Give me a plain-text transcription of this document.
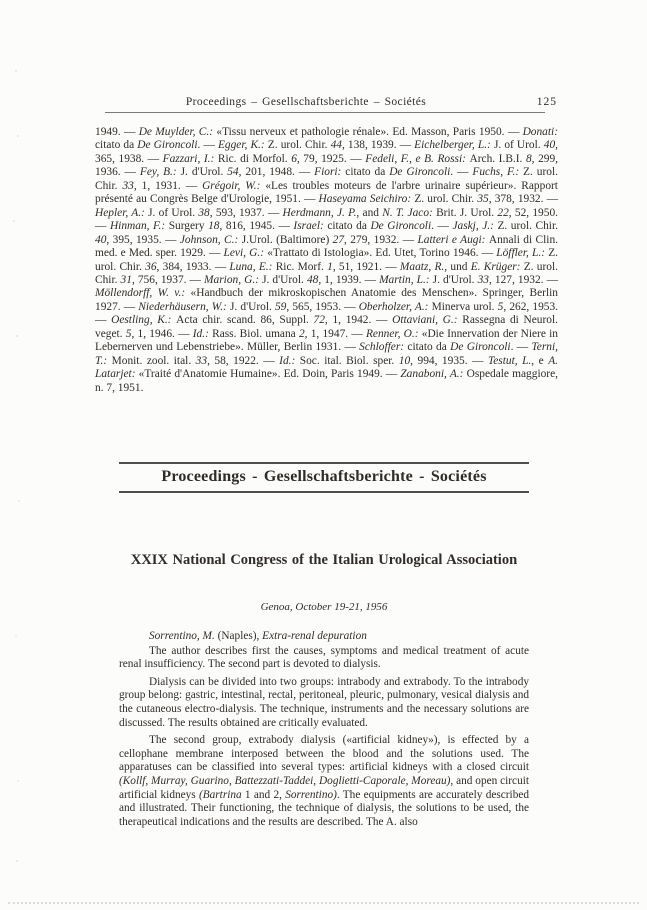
Proceedings – Gesellschaftsberichte – Sociétés	125
1949. — De Muylder, C.: «Tissu nerveux et pathologie rénale». Ed. Masson, Paris 1950. — Donati: citato da De Gironcoli. — Egger, K.: Z. urol. Chir. 44, 138, 1939. — Eichelberger, L.: J. of Urol. 40, 365, 1938. — Fazzari, I.: Ric. di Morfol. 6, 79, 1925. — Fedeli, F., e B. Rossi: Arch. I.B.I. 8, 299, 1936. — Fey, B.: J. d'Urol. 54, 201, 1948. — Fiori: citato da De Gironcoli. — Fuchs, F.: Z. urol. Chir. 33, 1, 1931. — Grégoir, W.: «Les troubles moteurs de l'arbre urinaire supérieur». Rapport présenté au Congrès Belge d'Urologie, 1951. — Haseyama Seichiro: Z. urol. Chir. 35, 378, 1932. — Hepler, A.: J. of Urol. 38, 593, 1937. — Herdmann, J. P., and N. T. Jaco: Brit. J. Urol. 22, 52, 1950. — Hinman, F.: Surgery 18, 816, 1945. — Israel: citato da De Gironcoli. — Jaskj, J.: Z. urol. Chir. 40, 395, 1935. — Johnson, C.: J.Urol. (Baltimore) 27, 279, 1932. — Latteri e Augi: Annali di Clin. med. e Med. sper. 1929. — Levi, G.: «Trattato di Istologia». Ed. Utet, Torino 1946. — Löffler, L.: Z. urol. Chir. 36, 384, 1933. — Luna, E.: Ric. Morf. 1, 51, 1921. — Maatz, R., und E. Krüger: Z. urol. Chir. 31, 756, 1937. — Marion, G.: J. d'Urol. 48, 1, 1939. — Martin, L.: J. d'Urol. 33, 127, 1932. — Möllendorff, W. v.: «Handbuch der mikroskopischen Anatomie des Menschen». Springer, Berlin 1927. — Niederhäusern, W.: J. d'Urol. 59, 565, 1953. — Oberholzer, A.: Minerva urol. 5, 262, 1953. — Oestling, K.: Acta chir. scand. 86, Suppl. 72, 1, 1942. — Ottaviani, G.: Rassegna di Neurol. veget. 5, 1, 1946. — Id.: Rass. Biol. umana 2, 1, 1947. — Renner, O.: «Die Innervation der Niere in Lebernerven und Lebenstriebe». Müller, Berlin 1931. — Schloffer: citato da De Gironcoli. — Terni, T.: Monit. zool. ital. 33, 58, 1922. — Id.: Soc. ital. Biol. sper. 10, 994, 1935. — Testut, L., e A. Latarjet: «Traité d'Anatomie Humaine». Ed. Doin, Paris 1949. — Zanaboni, A.: Ospedale maggiore, n. 7, 1951.
Proceedings - Gesellschaftsberichte - Sociétés
XXIX National Congress of the Italian Urological Association
Genoa, October 19-21, 1956
Sorrentino, M. (Naples), Extra-renal depuration

The author describes first the causes, symptoms and medical treatment of acute renal insufficiency. The second part is devoted to dialysis.

Dialysis can be divided into two groups: intrabody and extrabody. To the intrabody group belong: gastric, intestinal, rectal, peritoneal, pleuric, pulmonary, vesical dialysis and the cutaneous electro-dialysis. The technique, instruments and the necessary solutions are discussed. The results obtained are critically evaluated.

The second group, extrabody dialysis («artificial kidney»), is effected by a cellophane membrane interposed between the blood and the solutions used. The apparatuses can be classified into several types: artificial kidneys with a closed circuit (Kollf, Murray, Guarino, Battezzati-Taddei, Doglietti-Caporale, Moreau), and open circuit artificial kidneys (Bartrina 1 and 2, Sorrentino). The equipments are accurately described and illustrated. Their functioning, the technique of dialysis, the solutions to be used, the therapeutical indications and the results are described. The A. also
